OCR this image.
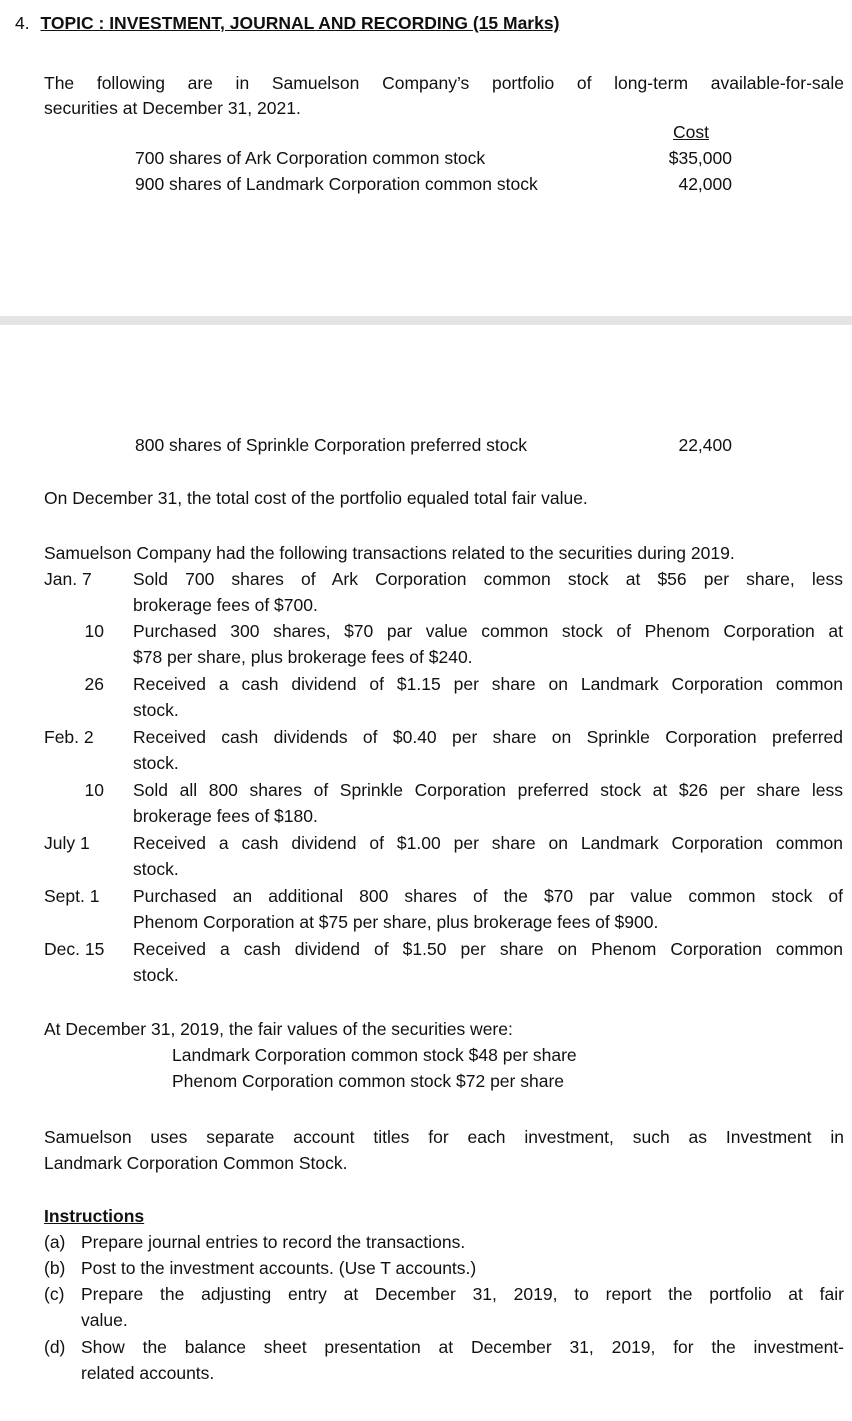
4. TOPIC : INVESTMENT, JOURNAL AND RECORDING (15 Marks)
The following are in Samuelson Company’s portfolio of long-term available-for-sale
securities at December 31, 2021.
Cost
700 shares of Ark Corporation common stock	$35,000
900 shares of Landmark Corporation common stock	42,000
800 shares of Sprinkle Corporation preferred stock	22,400
On December 31, the total cost of the portfolio equaled total fair value.
Samuelson Company had the following transactions related to the securities during 2019.
Jan. 7	Sold 700 shares of Ark Corporation common stock at $56 per share, less
brokerage fees of $700.
10 Purchased 300 shares, $70 par value common stock of Phenom Corporation at
$78 per share, plus brokerage fees of $240.
26 Received a cash dividend of $1.15 per share on Landmark Corporation common
stock.
Feb. 2	Received cash dividends of $0.40 per share on Sprinkle Corporation preferred
stock.
10 Sold all 800 shares of Sprinkle Corporation preferred stock at $26 per share less
brokerage fees of $180.
July 1	Received a cash dividend of $1.00 per share on Landmark Corporation common
stock.
Sept. 1	Purchased an additional 800 shares of the $70 par value common stock of
Phenom Corporation at $75 per share, plus brokerage fees of $900.
Dec. 15	Received a cash dividend of $1.50 per share on Phenom Corporation common
stock.
At December 31, 2019, the fair values of the securities were:
Landmark Corporation common stock $48 per share
Phenom Corporation common stock $72 per share
Samuelson uses separate account titles for each investment, such as Investment in
Landmark Corporation Common Stock.
Instructions
(a) Prepare journal entries to record the transactions.
(b) Post to the investment accounts. (Use T accounts.)
(c) Prepare the adjusting entry at December 31, 2019, to report the portfolio at fair
value.
(d) Show the balance sheet presentation at December 31, 2019, for the investment-
related accounts.
